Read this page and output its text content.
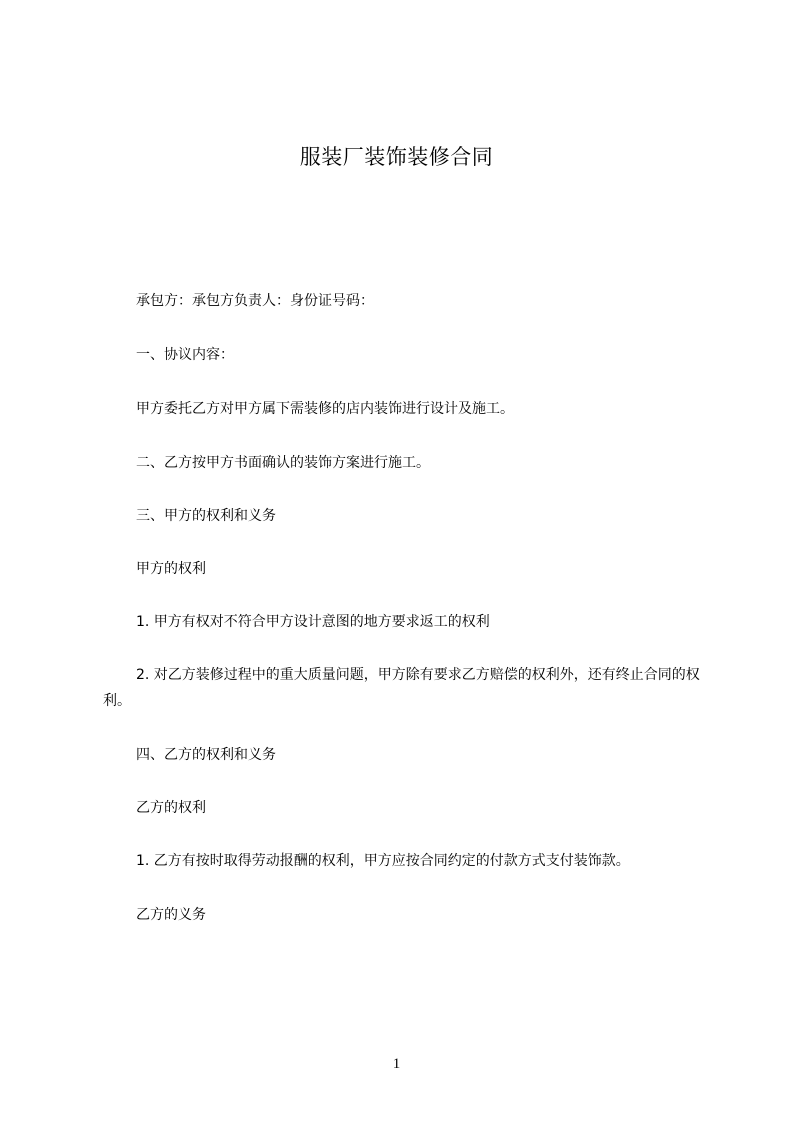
服装厂装饰装修合同
承包方：承包方负责人：身份证号码：
一、协议内容：
甲方委托乙方对甲方属下需装修的店内装饰进行设计及施工。
二、乙方按甲方书面确认的装饰方案进行施工。
三、甲方的权利和义务
甲方的权利
1. 甲方有权对不符合甲方设计意图的地方要求返工的权利
2. 对乙方装修过程中的重大质量问题，甲方除有要求乙方赔偿的权利外，还有终止合同的权利。
四、乙方的权利和义务
乙方的权利
1. 乙方有按时取得劳动报酬的权利，甲方应按合同约定的付款方式支付装饰款。
乙方的义务
1
